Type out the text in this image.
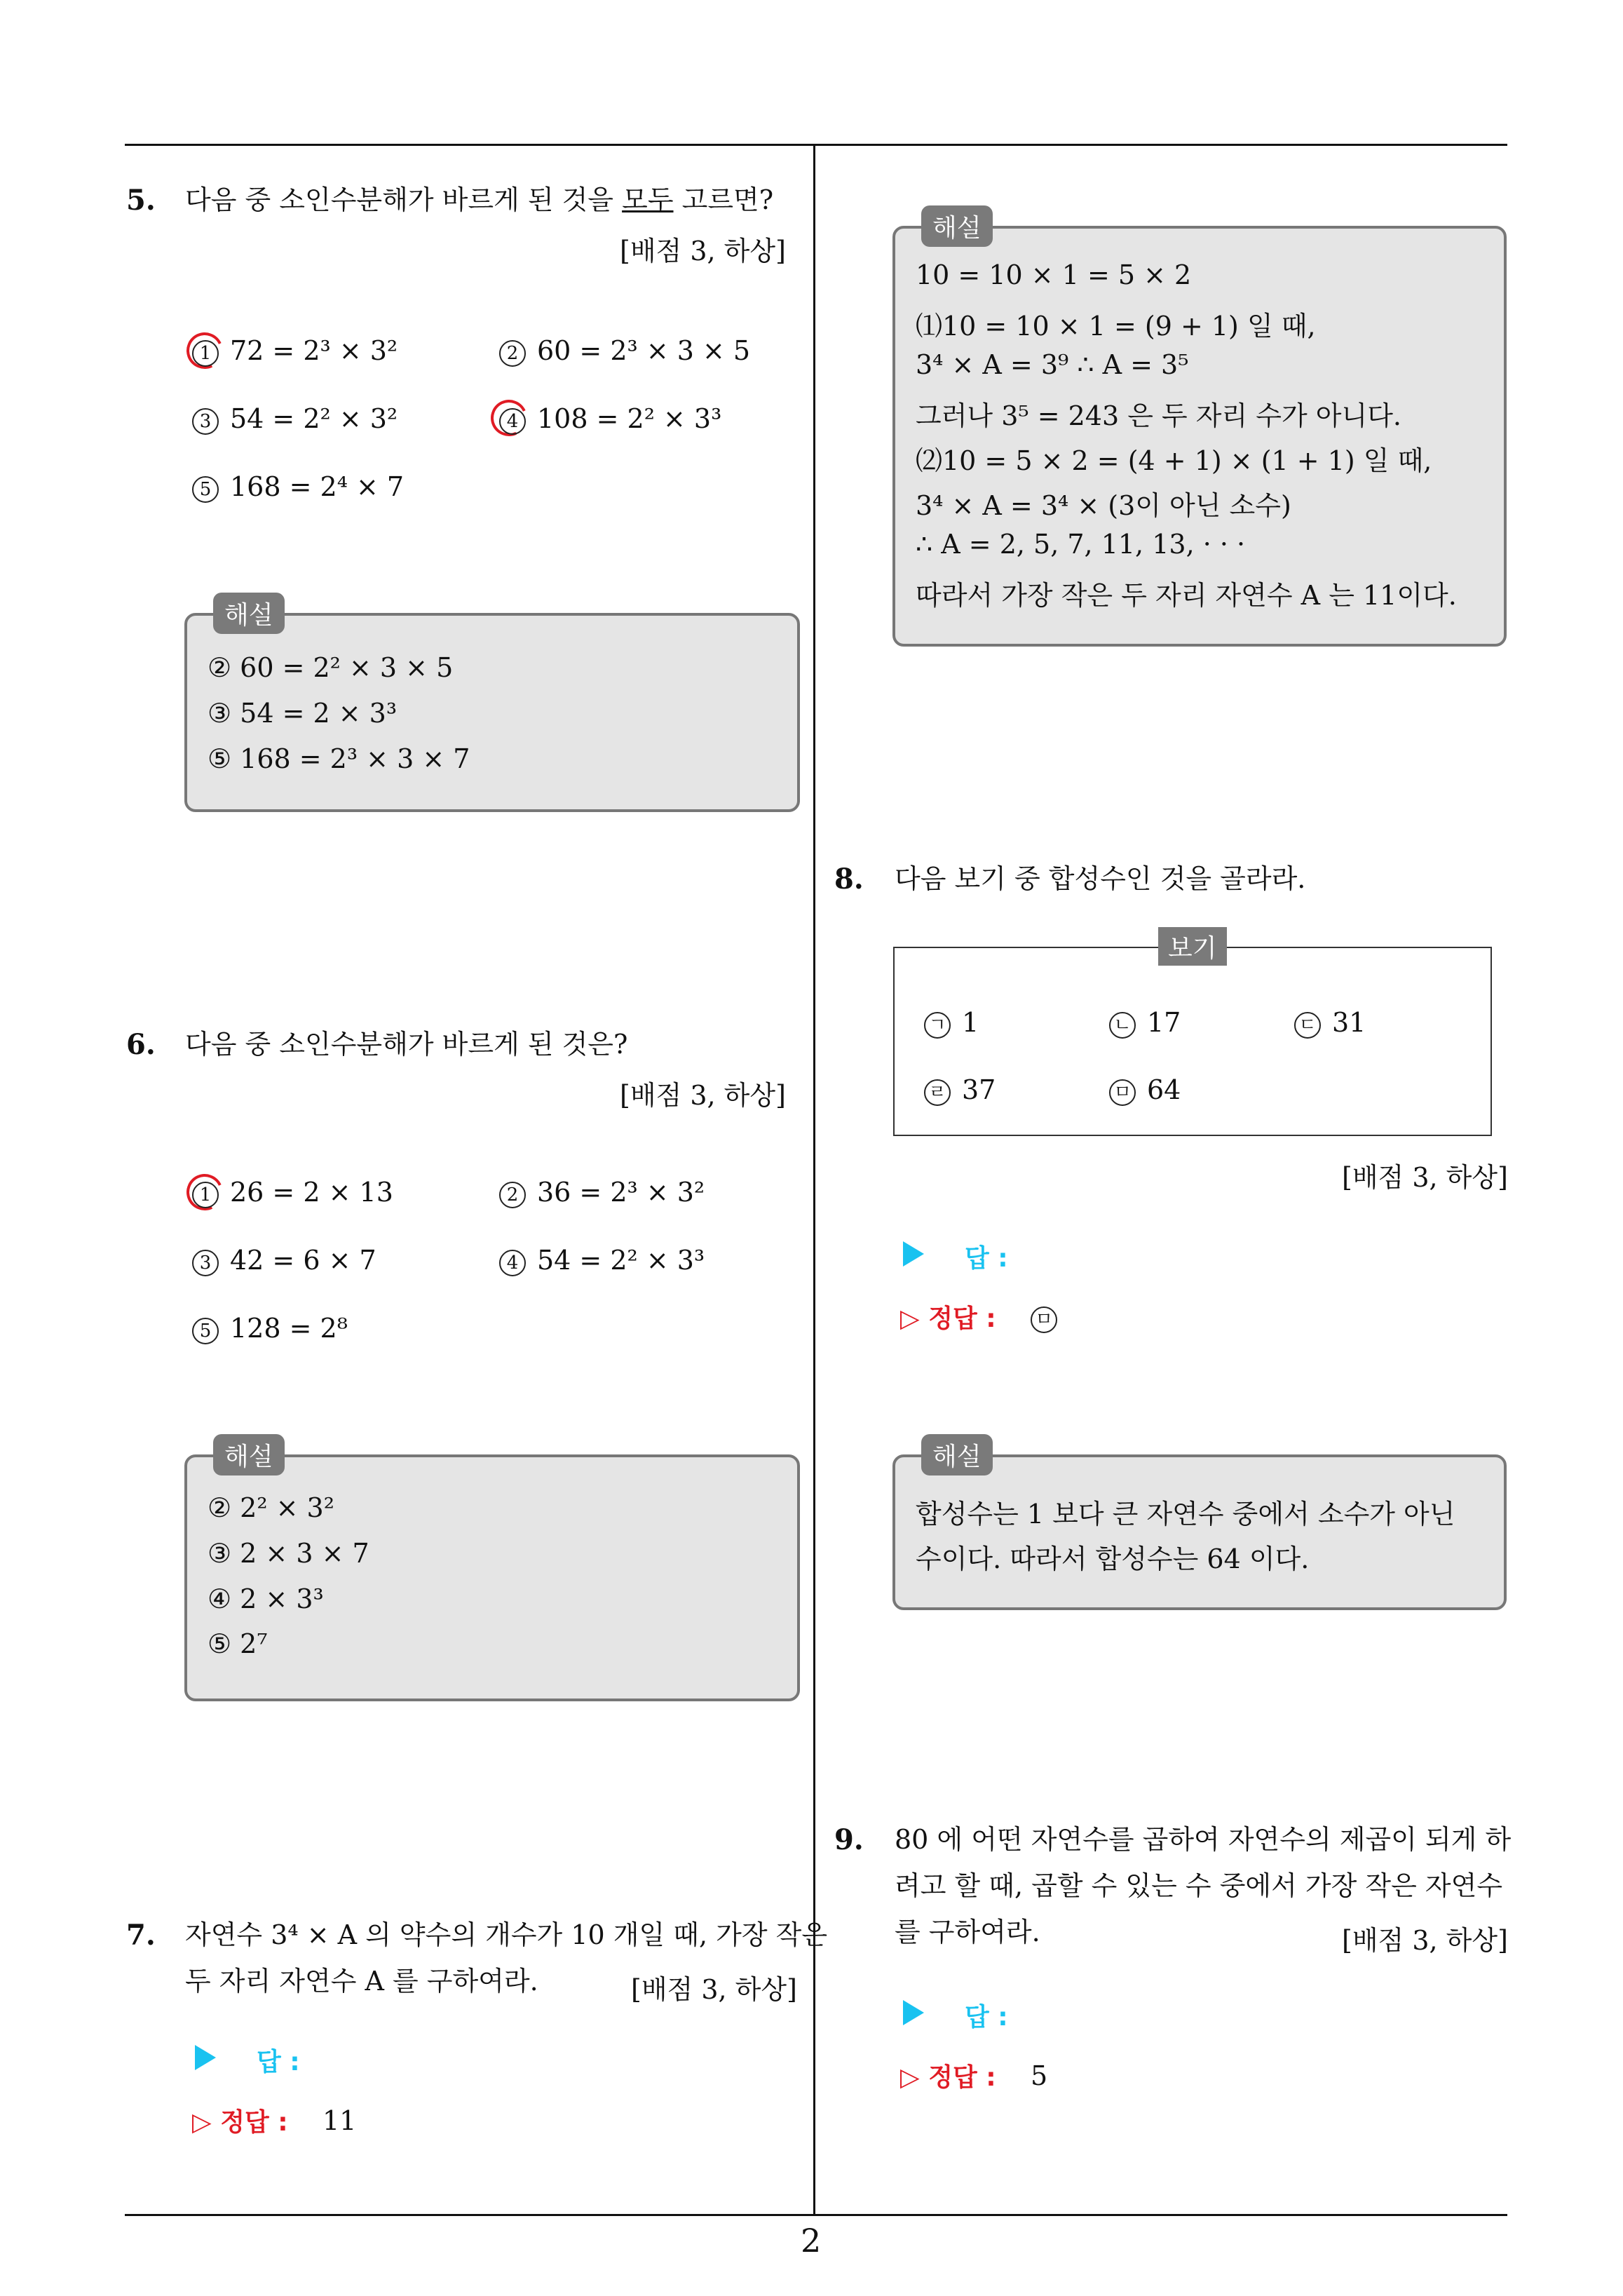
5. 다음 중 소인수분해가 바르게 된 것을 모두 고르면?
[배점 3, 하상]
1 72 = 2³ × 3²	2 60 = 2³ × 3 × 5
3 54 = 2² × 3²	4 108 = 2² × 3³
5 168 = 2⁴ × 7
해설
② 60 = 2² × 3 × 5
③ 54 = 2 × 3³
⑤ 168 = 2³ × 3 × 7
6. 다음 중 소인수분해가 바르게 된 것은?
[배점 3, 하상]
1 26 = 2 × 13	2 36 = 2³ × 3²
3 42 = 6 × 7	4 54 = 2² × 3³
5 128 = 2⁸
해설
② 2² × 3²
③ 2 × 3 × 7
④ 2 × 3³
⑤ 2⁷
7. 자연수 3⁴ × A 의 약수의 개수가 10 개일 때, 가장 작은
두 자리 자연수 A 를 구하여라.	[배점 3, 하상]
답 :
▷ 정답 : 11
해설
10 = 10 × 1 = 5 × 2
⑴10 = 10 × 1 = (9 + 1) 일 때,
3⁴ × A = 3⁹ ∴ A = 3⁵
그러나 3⁵ = 243 은 두 자리 수가 아니다.
⑵10 = 5 × 2 = (4 + 1) × (1 + 1) 일 때,
3⁴ × A = 3⁴ × (3이 아닌 소수)
∴ A = 2, 5, 7, 11, 13, · · ·
따라서 가장 작은 두 자리 자연수 A 는 11이다.
8. 다음 보기 중 합성수인 것을 골라라.
보기
ㄱ 1	ㄴ 17	ㄷ 31
ㄹ 37	ㅁ 64
[배점 3, 하상]
답 :
▷ 정답 : ㅁ
해설
합성수는 1 보다 큰 자연수 중에서 소수가 아닌
수이다. 따라서 합성수는 64 이다.
9. 80 에 어떤 자연수를 곱하여 자연수의 제곱이 되게 하
려고 할 때, 곱할 수 있는 수 중에서 가장 작은 자연수
를 구하여라.	[배점 3, 하상]
답 :
▷ 정답 : 5
2
